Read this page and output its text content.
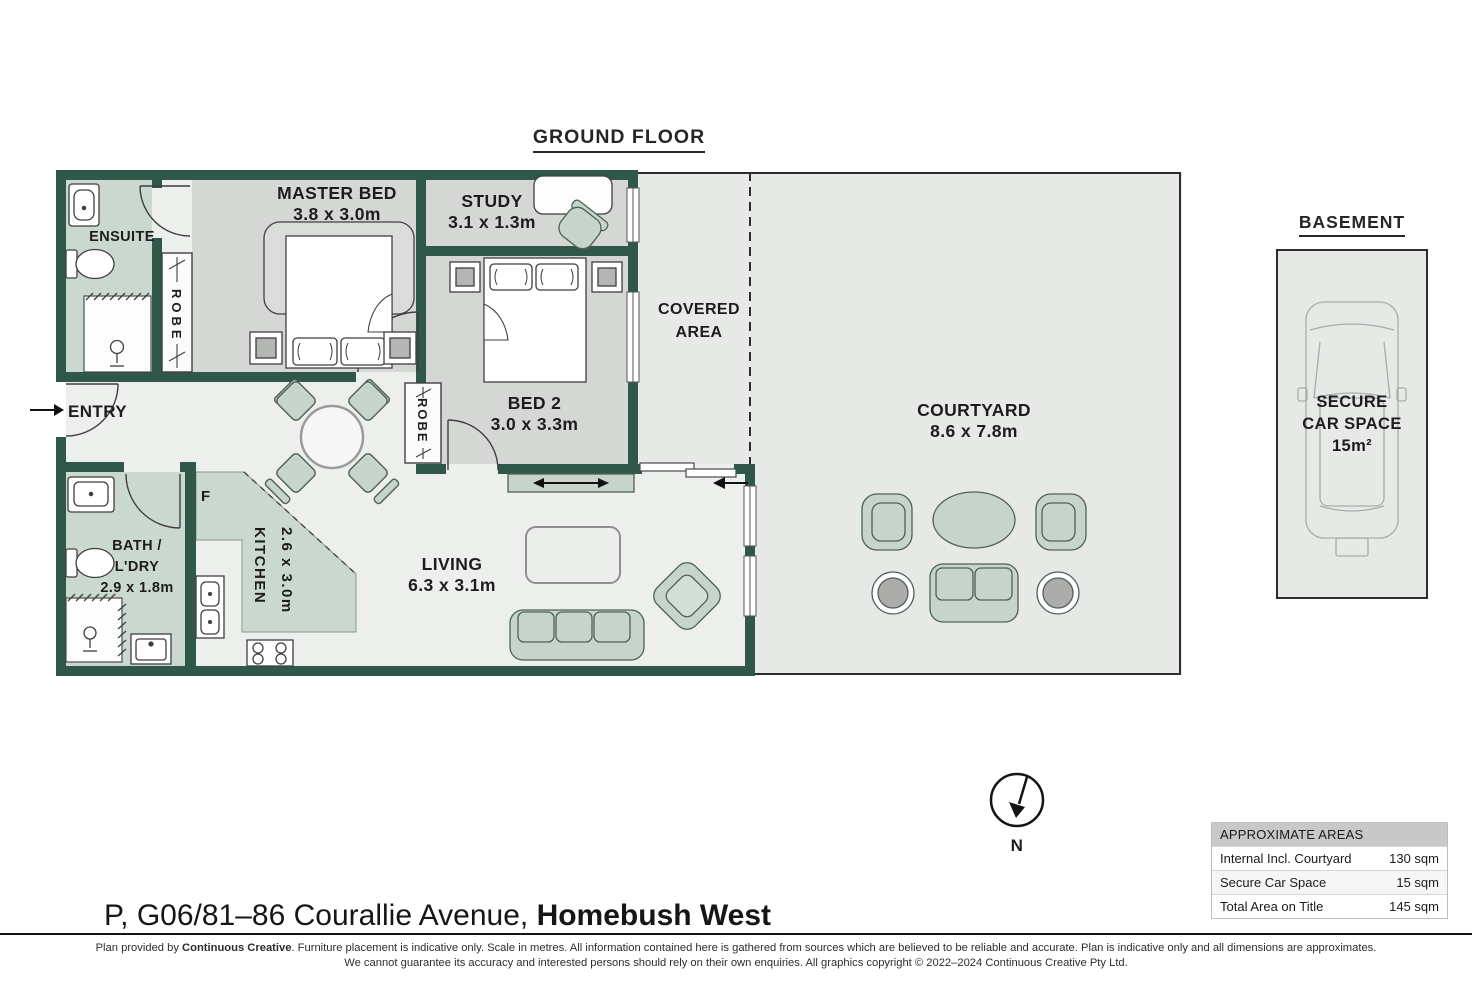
GROUND FLOOR
BASEMENT
ENSUITE
MASTER BED
3.8 x 3.0m
STUDY
3.1 x 1.3m
BED 2
3.0 x 3.3m
ENTRY
BATH /
L'DRY
2.9 x 1.8m
F
KITCHEN 2.6 x 3.0m	LIVING
6.3 x 3.1m
COVERED
AREA
COURTYARD
8.6 x 7.8m
ROBE
ROBE	SECURE
CAR SPACE
15m²
N
APPROXIMATE AREAS
Internal Incl. Courtyard	130 sqm
Secure Car Space	15 sqm
Total Area on Title	145 sqm
P, G06/81–86 Courallie Avenue, Homebush West
Plan provided by Continuous Creative. Furniture placement is indicative only. Scale in metres. All information contained here is gathered from sources which are believed to be reliable and accurate. Plan is indicative only and all dimensions are approximates.
We cannot guarantee its accuracy and interested persons should rely on their own enquiries. All graphics copyright © 2022–2024 Continuous Creative Pty Ltd.
